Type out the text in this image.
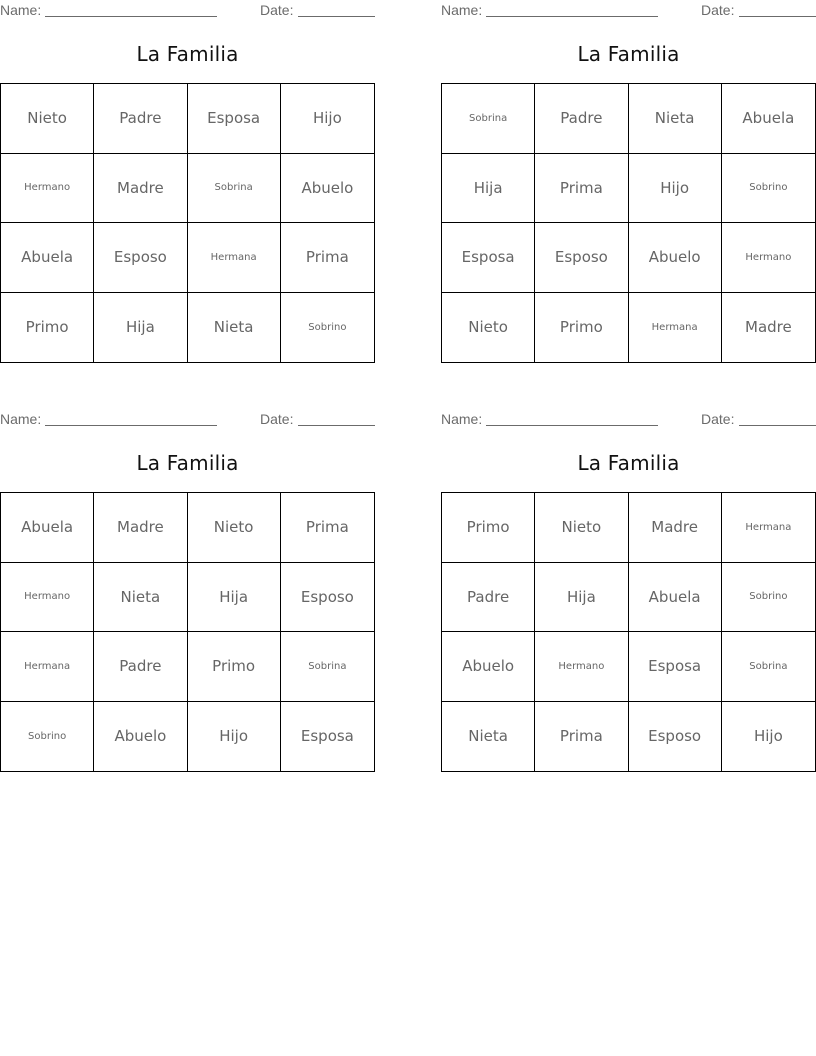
Name:	Date:
La Familia
Nieto	Padre	Esposa	Hijo
Hermano	Madre	Sobrina	Abuelo
Abuela	Esposo	Hermana	Prima
Primo	Hija	Nieta	Sobrino
Name:	Date:
La Familia
Sobrina	Padre	Nieta	Abuela
Hija	Prima	Hijo	Sobrino
Esposa	Esposo	Abuelo	Hermano
Nieto	Primo	Hermana	Madre
Name:	Date:
La Familia
Abuela	Madre	Nieto	Prima
Hermano	Nieta	Hija	Esposo
Hermana	Padre	Primo	Sobrina
Sobrino	Abuelo	Hijo	Esposa
Name:	Date:
La Familia
Primo	Nieto	Madre	Hermana
Padre	Hija	Abuela	Sobrino
Abuelo	Hermano	Esposa	Sobrina
Nieta	Prima	Esposo	Hijo
